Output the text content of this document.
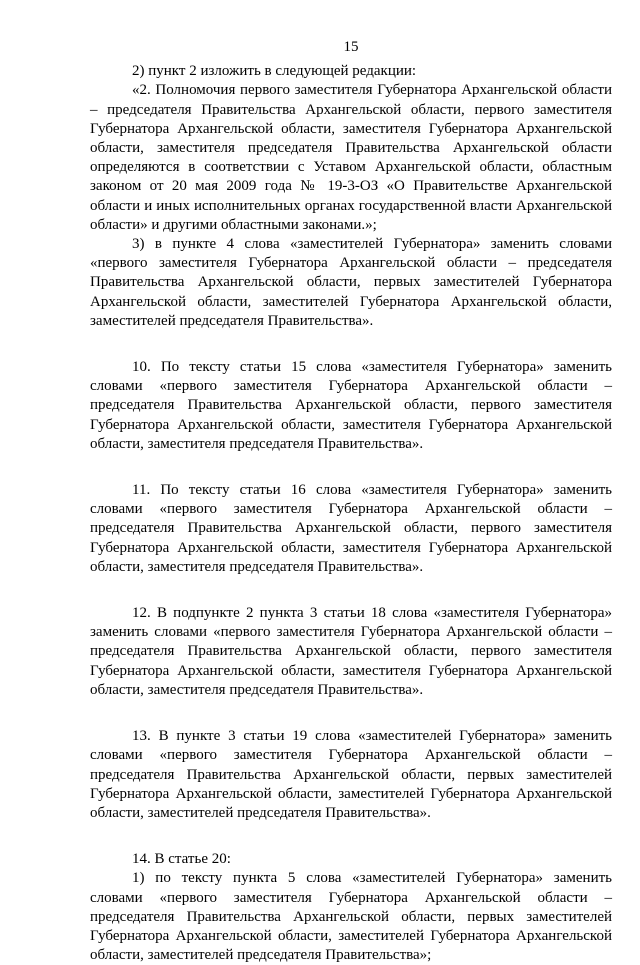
15

2) пункт 2 изложить в следующей редакции:

«2. Полномочия первого заместителя Губернатора Архангельской области – председателя Правительства Архангельской области, первого заместителя Губернатора Архангельской области, заместителя Губернатора Архангельской области, заместителя председателя Правительства Архангельской области определяются в соответствии с Уставом Архангельской области, областным законом от 20 мая 2009 года № 19-3-ОЗ «О Правительстве Архангельской области и иных исполнительных органах государственной власти Архангельской области» и другими областными законами.»;

3) в пункте 4 слова «заместителей Губернатора» заменить словами «первого заместителя Губернатора Архангельской области – председателя Правительства Архангельской области, первых заместителей Губернатора Архангельской области, заместителей Губернатора Архангельской области, заместителей председателя Правительства».

10. По тексту статьи 15 слова «заместителя Губернатора» заменить словами «первого заместителя Губернатора Архангельской области – председателя Правительства Архангельской области, первого заместителя Губернатора Архангельской области, заместителя Губернатора Архангельской области, заместителя председателя Правительства».

11. По тексту статьи 16 слова «заместителя Губернатора» заменить словами «первого заместителя Губернатора Архангельской области – председателя Правительства Архангельской области, первого заместителя Губернатора Архангельской области, заместителя Губернатора Архангельской области, заместителя председателя Правительства».

12. В подпункте 2 пункта 3 статьи 18 слова «заместителя Губернатора» заменить словами «первого заместителя Губернатора Архангельской области – председателя Правительства Архангельской области, первого заместителя Губернатора Архангельской области, заместителя Губернатора Архангельской области, заместителя председателя Правительства».

13. В пункте 3 статьи 19 слова «заместителей Губернатора» заменить словами «первого заместителя Губернатора Архангельской области – председателя Правительства Архангельской области, первых заместителей Губернатора Архангельской области, заместителей Губернатора Архангельской области, заместителей председателя Правительства».

14. В статье 20:

1) по тексту пункта 5 слова «заместителей Губернатора» заменить словами «первого заместителя Губернатора Архангельской области – председателя Правительства Архангельской области, первых заместителей Губернатора Архангельской области, заместителей Губернатора Архангельской области, заместителей председателя Правительства»;
